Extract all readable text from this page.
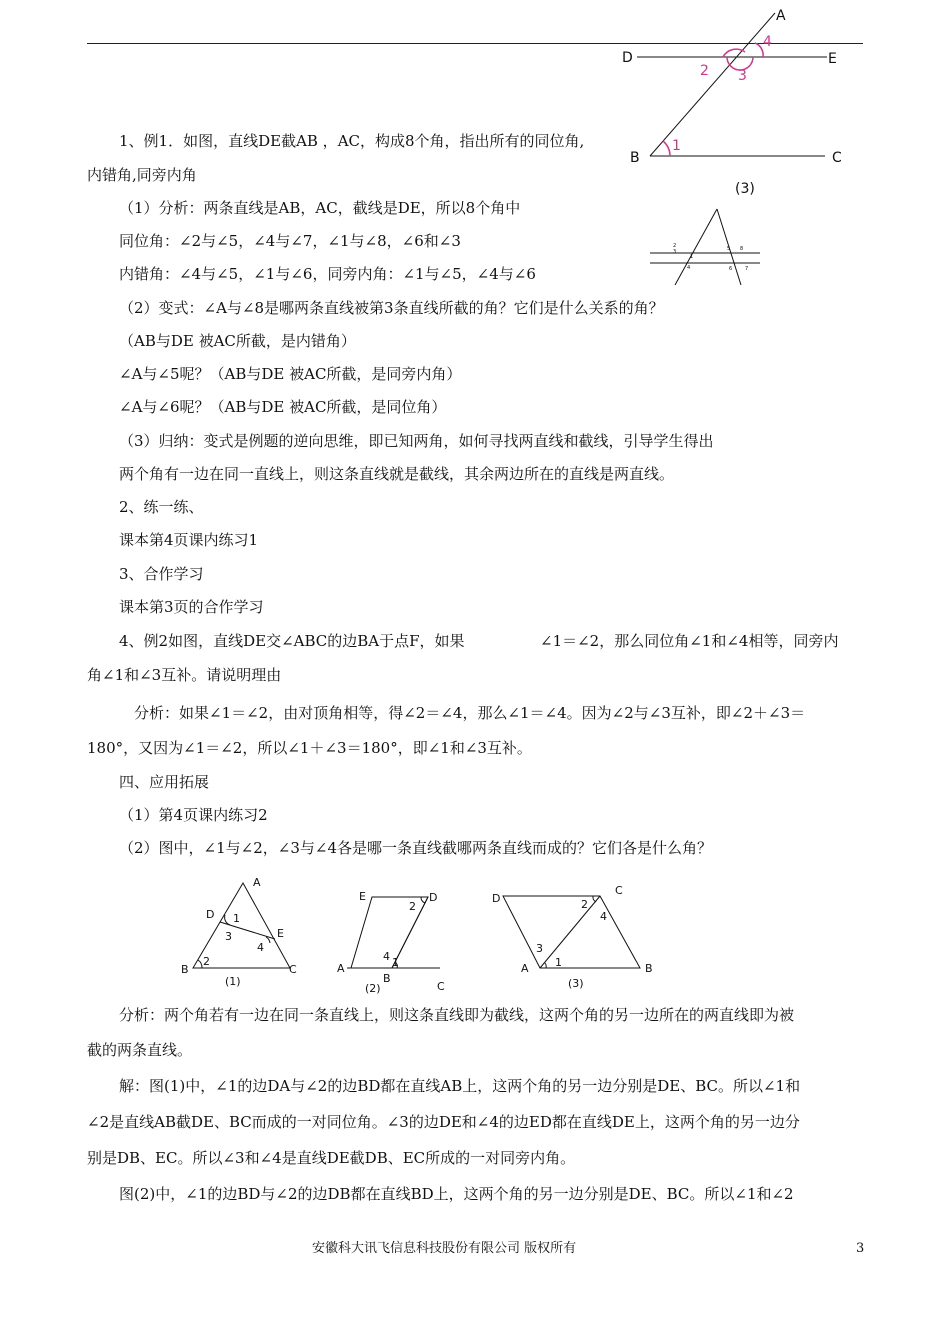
A
D	E
B	C
1
2 3
4
(3)
2
3
1
4
5 8
7
6
1、例1．如图，直线DE截AB ，AC，构成8个角，指出所有的同位角,
内错角,同旁内角
（1）分析：两条直线是AB，AC，截线是DE，所以8个角中
同位角：∠2与∠5，∠4与∠7，∠1与∠8，∠6和∠3
内错角：∠4与∠5，∠1与∠6，同旁内角：∠1与∠5，∠4与∠6
（2）变式：∠A与∠8是哪两条直线被第3条直线所截的角？它们是什么关系的角？
（AB与DE 被AC所截，是内错角）
∠A与∠5呢？（AB与DE 被AC所截，是同旁内角）
∠A与∠6呢？（AB与DE 被AC所截，是同位角）
（3）归纳：变式是例题的逆向思维，即已知两角，如何寻找两直线和截线，引导学生得出
两个角有一边在同一直线上，则这条直线就是截线，其余两边所在的直线是两直线。
2、练一练、
课本第4页课内练习1
3、合作学习
课本第3页的合作学习
4、例2如图，直线DE交∠ABC的边BA于点F，如果	∠1＝∠2，那么同位角∠1和∠4相等，同旁内
角∠1和∠3互补。请说明理由
分析：如果∠1＝∠2，由对顶角相等，得∠2＝∠4，那么∠1＝∠4。因为∠2与∠3互补，即∠2＋∠3＝
180°，又因为∠1＝∠2，所以∠1＋∠3＝180°，即∠1和∠3互补。
四、应用拓展
（1）第4页课内练习2
（2）图中，∠1与∠2，∠3与∠4各是哪一条直线截哪两条直线而成的？它们各是什么角？
A
D
E
B	C
1
2
3
4
(1)
E	D
A
B
C
1
2
4
(2)
D
C
A	B
1
2
3
4
(3)
分析：两个角若有一边在同一条直线上，则这条直线即为截线，这两个角的另一边所在的两直线即为被
截的两条直线。
解：图(1)中，∠1的边DA与∠2的边BD都在直线AB上，这两个角的另一边分别是DE、BC。所以∠1和
∠2是直线AB截DE、BC而成的一对同位角。∠3的边DE和∠4的边ED都在直线DE上，这两个角的另一边分
别是DB、EC。所以∠3和∠4是直线DE截DB、EC所成的一对同旁内角。
图(2)中，∠1的边BD与∠2的边DB都在直线BD上，这两个角的另一边分别是DE、BC。所以∠1和∠2
安徽科大讯飞信息科技股份有限公司 版权所有	3
